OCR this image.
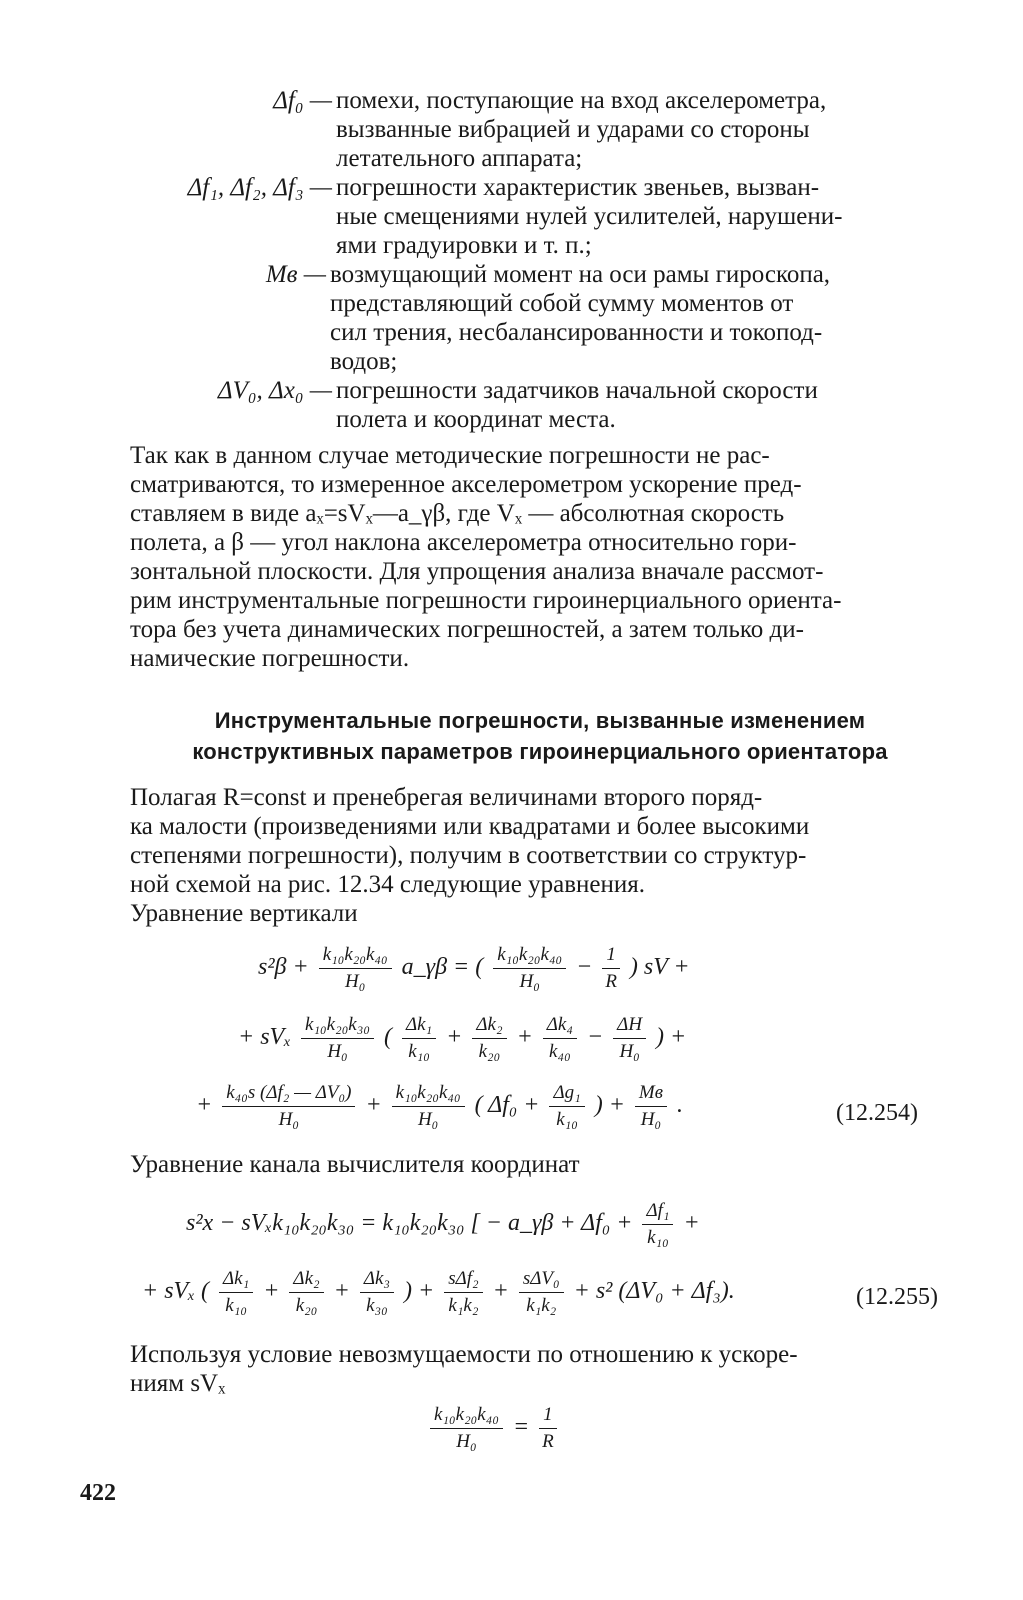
Δf₀ — помехи, поступающие на вход акселерометра,
вызванные вибрацией и ударами со стороны
летательного аппарата;
Δf₁, Δf₂, Δf₃ — погрешности характеристик звеньев, вызван-
ные смещениями нулей усилителей, нарушени-
ями градуировки и т. п.;
Mв — возмущающий момент на оси рамы гироскопа,
представляющий собой сумму моментов от
сил трения, несбалансированности и токопод-
водов;
ΔV₀, Δx₀ — погрешности задатчиков начальной скорости
полета и координат места.
Так как в данном случае методические погрешности не рас-
сматриваются, то измеренное акселерометром ускорение пред-
ставляем в виде aₓ=sVₓ—a_γβ, где Vₓ — абсолютная скорость
полета, а β — угол наклона акселерометра относительно гори-
зонтальной плоскости. Для упрощения анализа вначале рассмот-
рим инструментальные погрешности гироинерциального ориента-
тора без учета динамических погрешностей, а затем только ди-
намические погрешности.
Инструментальные погрешности, вызванные изменением
конструктивных параметров гироинерциального ориентатора
Полагая R=const и пренебрегая величинами второго поряд-
ка малости (произведениями или квадратами и более высокими
степенями погрешности), получим в соответствии со структур-
ной схемой на рис. 12.34 следующие уравнения.
Уравнение вертикали
$s^2\beta + \frac{\text{k₁₀k₂₀k₄₀}}{\text{H₀}}$ a_γβ = ( $\frac{\text{k₁₀k₂₀k₄₀}}{\text{H₀}} - \frac{1}{R}$ ) sV +
+ sVₓ $\frac{\text{k₁₀k₂₀k₃₀}}{\text{H₀}}$ ( $\frac{\text{Δk₁}}{\text{k₁₀}} + \frac{\text{Δk₂}}{\text{k₂₀}} + \frac{\text{Δk₄}}{\text{k₄₀}} - \frac{\Delta H}{\text{H₀}}$ ) +
+ $\frac{\text{k₄₀s (Δf₂ — ΔV₀)}}{\text{H₀}} + \frac{\text{k₁₀k₂₀k₄₀}}{\text{H₀}}$ ( $\Delta f_0 + \frac{\text{Δg₁}}{\text{k₁₀}}$ ) + $\frac{Mв}{\text{H₀}}$ .	(12.254)
Уравнение канала вычислителя координат
s²x − sVₓk₁₀k₂₀k₃₀ = k₁₀k₂₀k₃₀ [ − a_γβ + $\Delta f_0 + \frac{\text{Δf₁}}{\text{k₁₀}}$ +
+ sVₓ ( $\frac{\text{Δk₁}}{\text{k₁₀}} + \frac{\text{Δk₂}}{\text{k₂₀}} + \frac{\text{Δk₃}}{\text{k₃₀}}$ ) + $\frac{\text{sΔf₂}}{\text{k₁k₂}} + \frac{\text{sΔV₀}}{\text{k₁k₂}} + s^2$ (ΔV₀ + Δf₃).	(12.255)
Используя условие невозмущаемости по отношению к ускоре-
ниям sVₓ
$\frac{\text{k₁₀k₂₀k₄₀}}{\text{H₀}} = \frac{1}{R}$
422
